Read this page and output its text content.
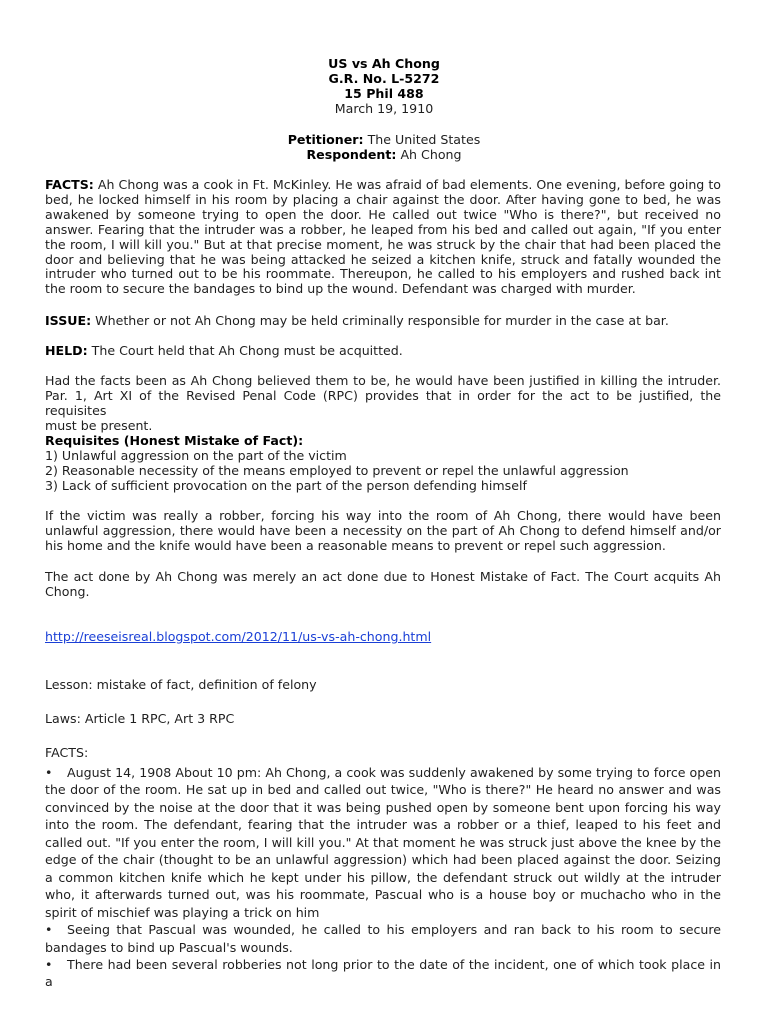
US vs Ah Chong
G.R. No. L-5272
15 Phil 488
March 19, 1910
Petitioner: The United States
Respondent: Ah Chong
FACTS: Ah Chong was a cook in Ft. McKinley. He was afraid of bad elements. One evening, before going to
bed, he locked himself in his room by placing a chair against the door. After having gone to bed, he was
awakened by someone trying to open the door. He called out twice "Who is there?", but received no
answer. Fearing that the intruder was a robber, he leaped from his bed and called out again, "If you enter
the room, I will kill you." But at that precise moment, he was struck by the chair that had been placed the
door and believing that he was being attacked he seized a kitchen knife, struck and fatally wounded the
intruder who turned out to be his roommate. Thereupon, he called to his employers and rushed back int
the room to secure the bandages to bind up the wound. Defendant was charged with murder.
ISSUE: Whether or not Ah Chong may be held criminally responsible for murder in the case at bar.
HELD: The Court held that Ah Chong must be acquitted.
Had the facts been as Ah Chong believed them to be, he would have been justified in killing the intruder.
Par. 1, Art XI of the Revised Penal Code (RPC) provides that in order for the act to be justified, the requisites
must be present.
Requisites (Honest Mistake of Fact):
1) Unlawful aggression on the part of the victim
2) Reasonable necessity of the means employed to prevent or repel the unlawful aggression
3) Lack of sufficient provocation on the part of the person defending himself
If the victim was really a robber, forcing his way into the room of Ah Chong, there would have been
unlawful aggression, there would have been a necessity on the part of Ah Chong to defend himself and/or
his home and the knife would have been a reasonable means to prevent or repel such aggression.
The act done by Ah Chong was merely an act done due to Honest Mistake of Fact. The Court acquits Ah
Chong.
http://reeseisreal.blogspot.com/2012/11/us-vs-ah-chong.html
Lesson: mistake of fact, definition of felony
Laws: Article 1 RPC, Art 3 RPC
FACTS:
• August 14, 1908 About 10 pm: Ah Chong, a cook was suddenly awakened by some trying to force open
the door of the room. He sat up in bed and called out twice, "Who is there?" He heard no answer and was
convinced by the noise at the door that it was being pushed open by someone bent upon forcing his way
into the room. The defendant, fearing that the intruder was a robber or a thief, leaped to his feet and
called out. "If you enter the room, I will kill you." At that moment he was struck just above the knee by the
edge of the chair (thought to be an unlawful aggression) which had been placed against the door. Seizing
a common kitchen knife which he kept under his pillow, the defendant struck out wildly at the intruder
who, it afterwards turned out, was his roommate, Pascual who is a house boy or muchacho who in the
spirit of mischief was playing a trick on him
• Seeing that Pascual was wounded, he called to his employers and ran back to his room to secure
bandages to bind up Pascual's wounds.
• There had been several robberies not long prior to the date of the incident, one of which took place in a
